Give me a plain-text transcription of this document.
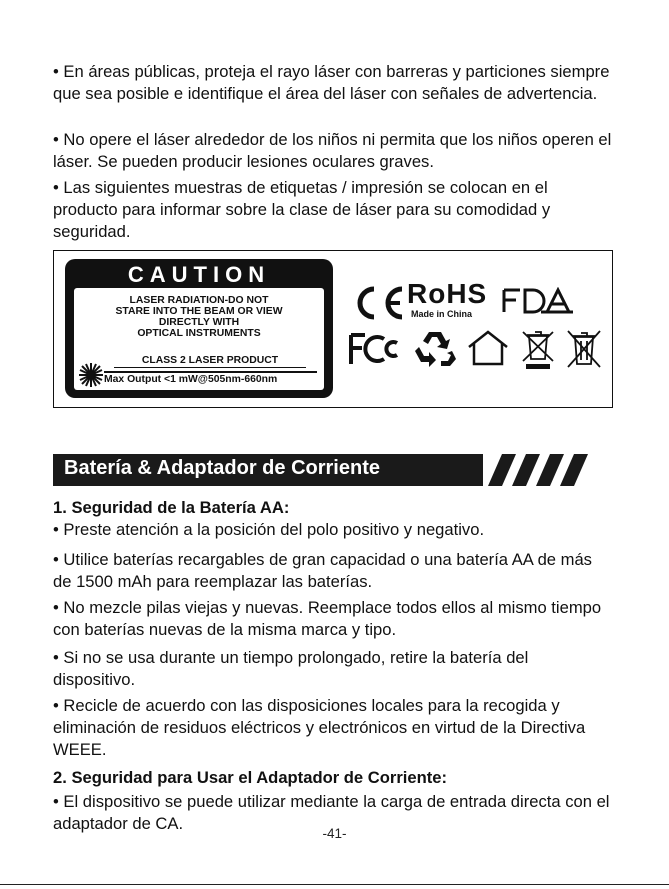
• En áreas públicas, proteja el rayo láser con barreras y particiones siempre que sea posible e identifique el área del láser con señales de advertencia.

• No opere el láser alrededor de los niños ni permita que los niños operen el láser. Se pueden producir lesiones oculares graves.

• Las siguientes muestras de etiquetas / impresión se colocan en el producto para informar sobre la clase de láser para su comodidad y seguridad.

CAUTION
LASER RADIATION-DO NOT
STARE INTO THE BEAM OR VIEW
DIRECTLY WITH
OPTICAL INSTRUMENTS
CLASS 2 LASER PRODUCT
Max Output <1 mW@505nm-660nm
RoHS
Made in China
Batería & Adaptador de Corriente

1. Seguridad de la Batería AA:

• Preste atención a la posición del polo positivo y negativo.

• Utilice baterías recargables de gran capacidad o una batería AA de más de 1500 mAh para reemplazar las baterías.

• No mezcle pilas viejas y nuevas. Reemplace todos ellos al mismo tiempo con baterías nuevas de la misma marca y tipo.

• Si no se usa durante un tiempo prolongado, retire la batería del dispositivo.

• Recicle de acuerdo con las disposiciones locales para la recogida y eliminación de residuos eléctricos y electrónicos en virtud de la Directiva WEEE.

2. Seguridad para Usar el Adaptador de Corriente:

• El dispositivo se puede utilizar mediante la carga de entrada directa con el adaptador de CA.

-41-
